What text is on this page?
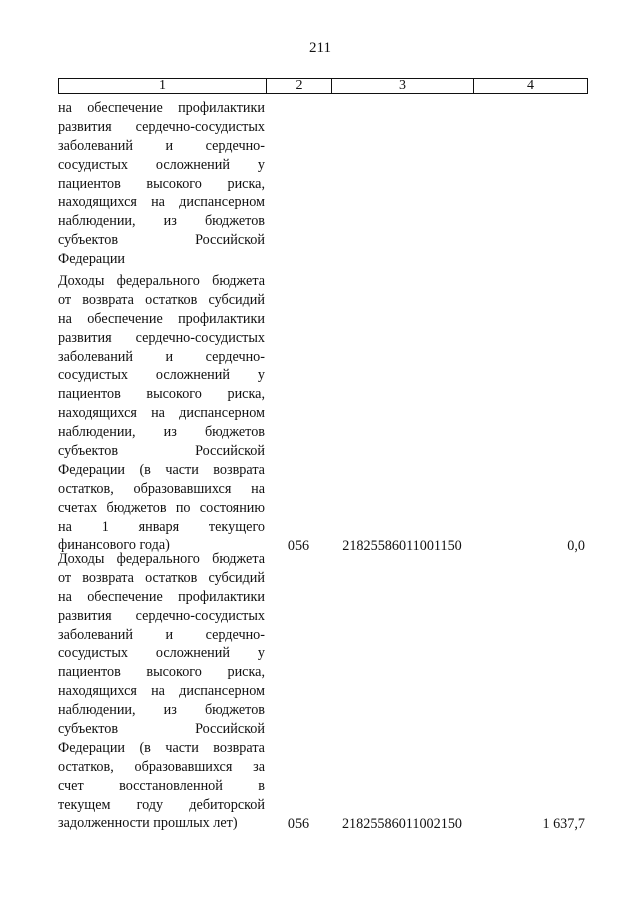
211
1	2	3	4
на обеспечение профилактики
развития сердечно-сосудистых
заболеваний и сердечно-
сосудистых осложнений у
пациентов высокого риска,
находящихся на диспансерном
наблюдении, из бюджетов
субъектов Российской
Федерации
Доходы федерального бюджета
от возврата остатков субсидий
на обеспечение профилактики
развития сердечно-сосудистых
заболеваний и сердечно-
сосудистых осложнений у
пациентов высокого риска,
находящихся на диспансерном
наблюдении, из бюджетов
субъектов Российской
Федерации (в части возврата
остатков, образовавшихся на
счетах бюджетов по состоянию
на 1 января текущего
финансового года)	056	21825586011001150	0,0
Доходы федерального бюджета
от возврата остатков субсидий
на обеспечение профилактики
развития сердечно-сосудистых
заболеваний и сердечно-
сосудистых осложнений у
пациентов высокого риска,
находящихся на диспансерном
наблюдении, из бюджетов
субъектов Российской
Федерации (в части возврата
остатков, образовавшихся за
счет восстановленной в
текущем году дебиторской
задолженности прошлых лет)	056	21825586011002150	1 637,7
